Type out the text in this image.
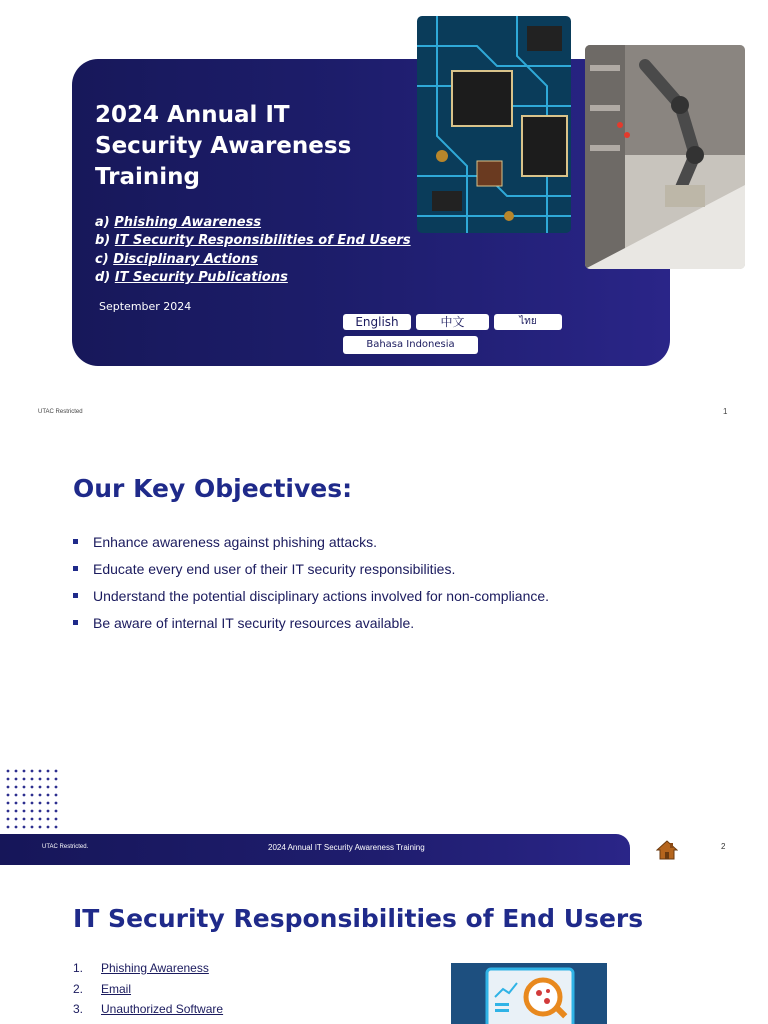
2024 Annual IT Security Awareness Training
a) Phishing Awareness
b) IT Security Responsibilities of End Users
c) Disciplinary Actions
d) IT Security Publications
September 2024
English	中文	ไทย
Bahasa Indonesia
UTAC Restricted	1
Our Key Objectives:
Enhance awareness against phishing attacks.
Educate every end user of their IT security responsibilities.
Understand the potential disciplinary actions involved for non-compliance.
Be aware of internal IT security resources available.
UTAC Restricted.	2024 Annual IT Security Awareness Training	2
IT Security Responsibilities of End Users
1. Phishing Awareness
2. Email
3. Unauthorized Software
